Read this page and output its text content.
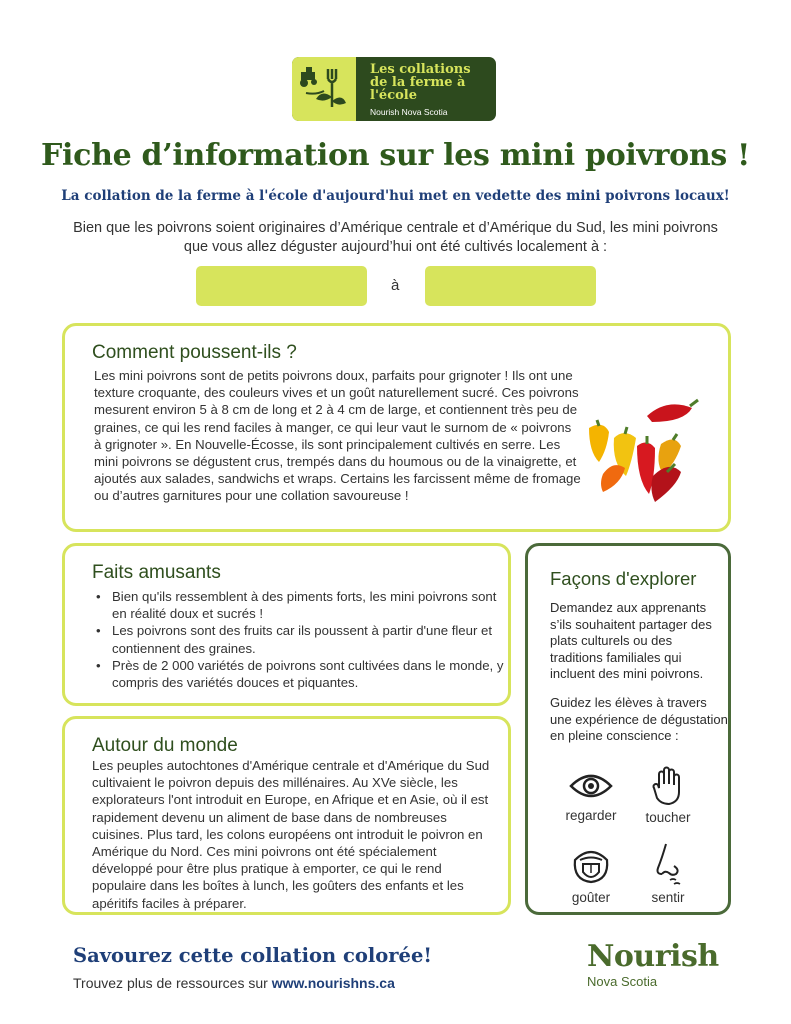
Les collations
de la ferme à
l'école
Nourish Nova Scotia
Fiche d’information sur les mini poivrons !
La collation de la ferme à l'école d'aujourd'hui met en vedette des mini poivrons locaux!
Bien que les poivrons soient originaires d’Amérique centrale et d’Amérique du Sud, les mini poivrons que vous allez déguster aujourd’hui ont été cultivés localement à :
à
Comment poussent-ils ?
Les mini poivrons sont de petits poivrons doux, parfaits pour grignoter ! Ils ont une texture croquante, des couleurs vives et un goût naturellement sucré. Ces poivrons mesurent environ 5 à 8 cm de long et 2 à 4 cm de large, et contiennent très peu de graines, ce qui les rend faciles à manger, ce qui leur vaut le surnom de « poivrons à grignoter ». En Nouvelle-Écosse, ils sont principalement cultivés en serre. Les mini poivrons se dégustent crus, trempés dans du houmous ou de la vinaigrette, et ajoutés aux salades, sandwichs et wraps. Certains les farcissent même de fromage ou d’autres garnitures pour une collation savoureuse !
Faits amusants
• Bien qu'ils ressemblent à des piments forts, les mini poivrons sont en réalité doux et sucrés !
• Les poivrons sont des fruits car ils poussent à partir d'une fleur et contiennent des graines.
• Près de 2 000 variétés de poivrons sont cultivées dans le monde, y compris des variétés douces et piquantes.
Autour du monde
Les peuples autochtones d'Amérique centrale et d'Amérique du Sud cultivaient le poivron depuis des millénaires. Au XVe siècle, les explorateurs l'ont introduit en Europe, en Afrique et en Asie, où il est rapidement devenu un aliment de base dans de nombreuses cuisines. Plus tard, les colons européens ont introduit le poivron en Amérique du Nord. Ces mini poivrons ont été spécialement développé pour être plus pratique à emporter, ce qui le rend populaire dans les boîtes à lunch, les goûters des enfants et les apéritifs faciles à préparer.
Façons d'explorer
Demandez aux apprenants s’ils souhaitent partager des plats culturels ou des traditions familiales qui incluent des mini poivrons.
Guidez les élèves à travers une expérience de dégustation en pleine conscience :
regarder	toucher
goûter	sentir
Savourez cette collation colorée!
Trouvez plus de ressources sur www.nourishns.ca
Nourish
Nova Scotia
